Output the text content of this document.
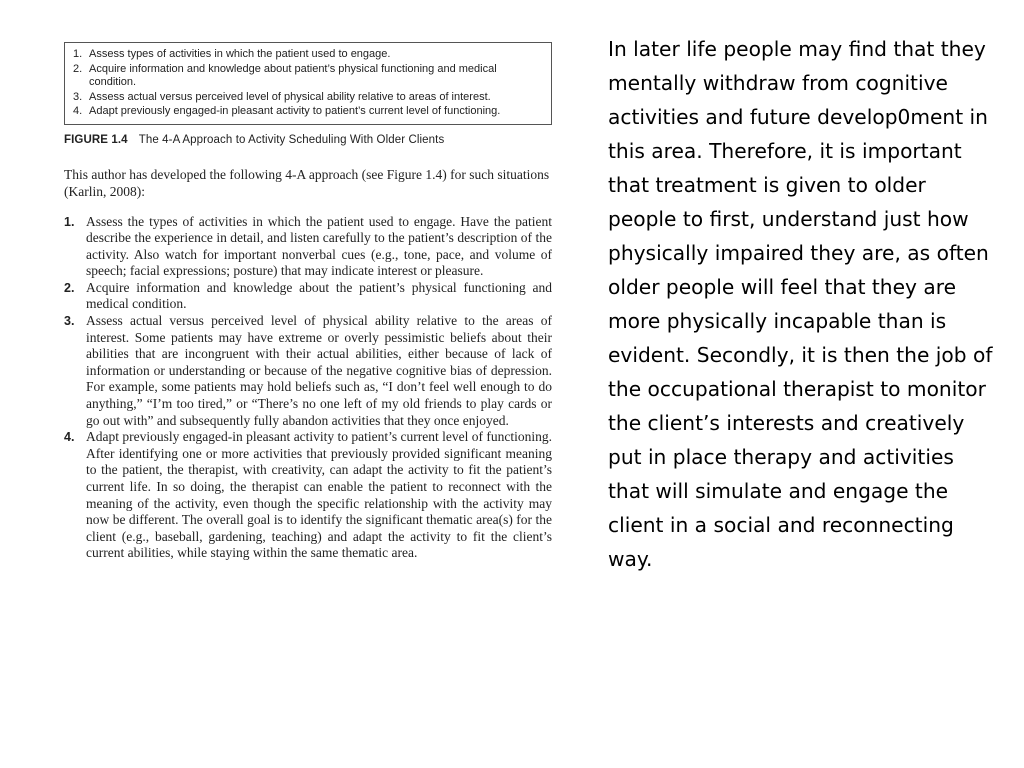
1. Assess types of activities in which the patient used to engage.
2. Acquire information and knowledge about patient’s physical functioning and medical condition.
3. Assess actual versus perceived level of physical ability relative to areas of interest.
4. Adapt previously engaged-in pleasant activity to patient’s current level of functioning.
FIGURE 1.4 The 4-A Approach to Activity Scheduling With Older Clients
This author has developed the following 4-A approach (see Figure 1.4) for such situations (Karlin, 2008):
1. Assess the types of activities in which the patient used to engage. Have the patient describe the experience in detail, and listen carefully to the patient’s description of the activity. Also watch for important nonverbal cues (e.g., tone, pace, and volume of speech; facial expressions; posture) that may indicate interest or pleasure.
2. Acquire information and knowledge about the patient’s physical functioning and medical condition.
3. Assess actual versus perceived level of physical ability relative to the areas of interest. Some patients may have extreme or overly pessimistic beliefs about their abilities that are incongruent with their actual abilities, either because of lack of information or understanding or because of the negative cognitive bias of depression. For example, some patients may hold beliefs such as, “I don’t feel well enough to do anything,” “I’m too tired,” or “There’s no one left of my old friends to play cards or go out with” and subsequently fully abandon activities that they once enjoyed.
4. Adapt previously engaged-in pleasant activity to patient’s current level of functioning. After identifying one or more activities that previously provided significant meaning to the patient, the therapist, with creativity, can adapt the activity to fit the patient’s current life. In so doing, the therapist can enable the patient to reconnect with the meaning of the activity, even though the specific relationship with the activity may now be different. The overall goal is to identify the significant thematic area(s) for the client (e.g., baseball, gardening, teaching) and adapt the activity to fit the client’s current abilities, while staying within the same thematic area.
In later life people may find that they mentally withdraw from cognitive activities and future develop0ment in this area. Therefore, it is important that treatment is given to older people to first, understand just how physically impaired they are, as often older people will feel that they are more physically incapable than is evident. Secondly, it is then the job of the occupational therapist to monitor the client’s interests and creatively put in place therapy and activities that will simulate and engage the client in a social and reconnecting way.
